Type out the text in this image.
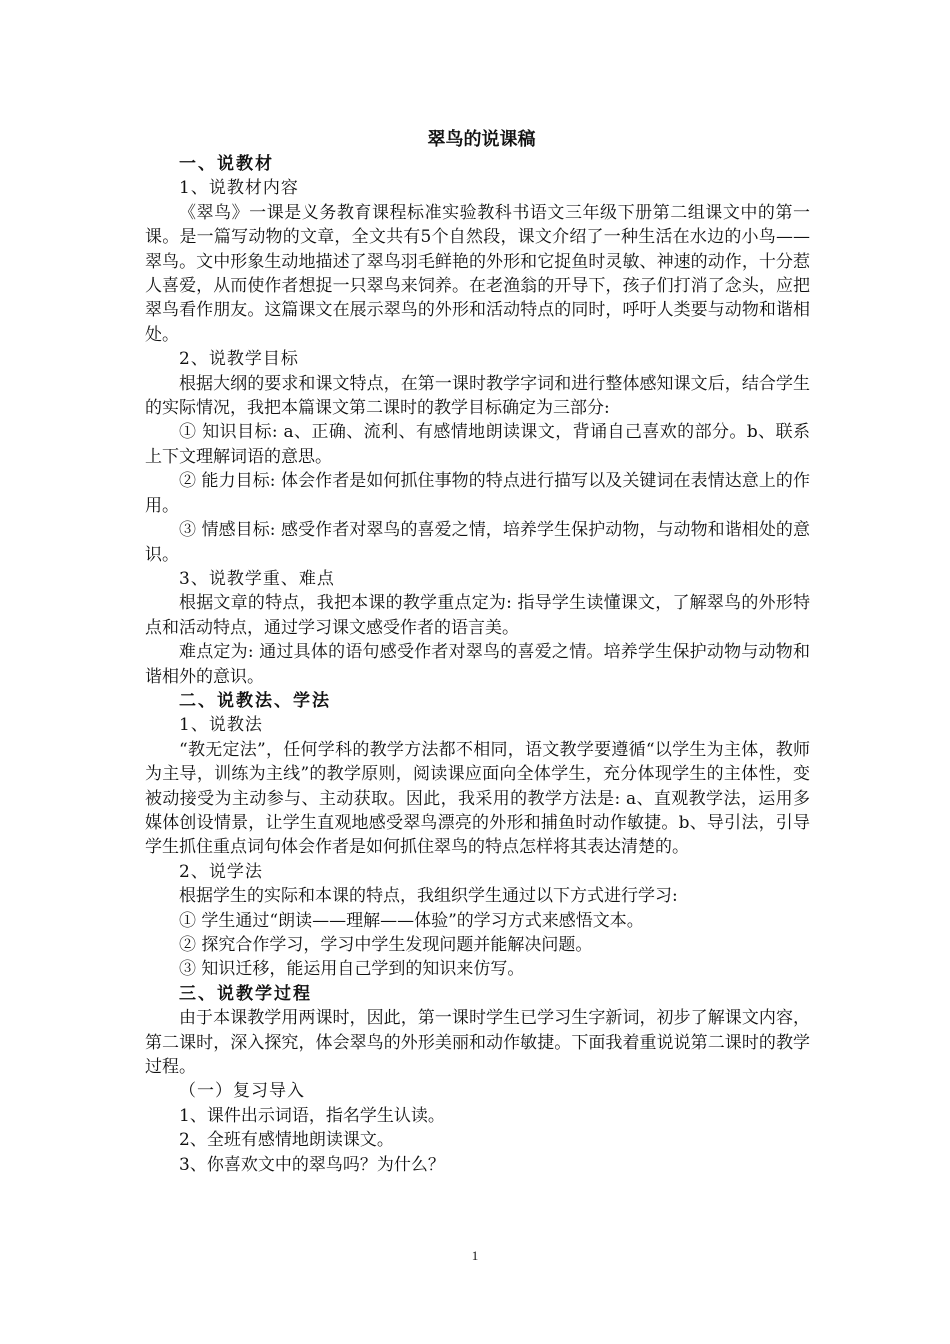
翠鸟的说课稿

一、说教材

1、说教材内容

《翠鸟》一课是义务教育课程标准实验教科书语文三年级下册第二组课文中的第一课。是一篇写动物的文章，全文共有5个自然段，课文介绍了一种生活在水边的小鸟——翠鸟。文中形象生动地描述了翠鸟羽毛鲜艳的外形和它捉鱼时灵敏、神速的动作，十分惹人喜爱，从而使作者想捉一只翠鸟来饲养。在老渔翁的开导下，孩子们打消了念头，应把翠鸟看作朋友。这篇课文在展示翠鸟的外形和活动特点的同时，呼吁人类要与动物和谐相处。

2、说教学目标

根据大纲的要求和课文特点，在第一课时教学字词和进行整体感知课文后，结合学生的实际情况，我把本篇课文第二课时的教学目标确定为三部分:

① 知识目标: a、正确、流利、有感情地朗读课文，背诵自己喜欢的部分。b、联系上下文理解词语的意思。

② 能力目标: 体会作者是如何抓住事物的特点进行描写以及关键词在表情达意上的作用。

③ 情感目标: 感受作者对翠鸟的喜爱之情，培养学生保护动物，与动物和谐相处的意识。

3、说教学重、难点

根据文章的特点，我把本课的教学重点定为: 指导学生读懂课文，了解翠鸟的外形特点和活动特点，通过学习课文感受作者的语言美。

难点定为: 通过具体的语句感受作者对翠鸟的喜爱之情。培养学生保护动物与动物和谐相外的意识。

二、说教法、学法

1、说教法

“教无定法”，任何学科的教学方法都不相同，语文教学要遵循“以学生为主体，教师为主导，训练为主线”的教学原则，阅读课应面向全体学生，充分体现学生的主体性，变被动接受为主动参与、主动获取。因此，我采用的教学方法是: a、直观教学法，运用多媒体创设情景，让学生直观地感受翠鸟漂亮的外形和捕鱼时动作敏捷。b、导引法，引导学生抓住重点词句体会作者是如何抓住翠鸟的特点怎样将其表达清楚的。

2、说学法

根据学生的实际和本课的特点，我组织学生通过以下方式进行学习:

① 学生通过“朗读——理解——体验”的学习方式来感悟文本。

② 探究合作学习，学习中学生发现问题并能解决问题。

③ 知识迁移，能运用自己学到的知识来仿写。

三、说教学过程

由于本课教学用两课时，因此，第一课时学生已学习生字新词，初步了解课文内容，第二课时，深入探究，体会翠鸟的外形美丽和动作敏捷。下面我着重说说第二课时的教学过程。

（一）复习导入

1、课件出示词语，指名学生认读。

2、全班有感情地朗读课文。

3、你喜欢文中的翠鸟吗？为什么？

1
